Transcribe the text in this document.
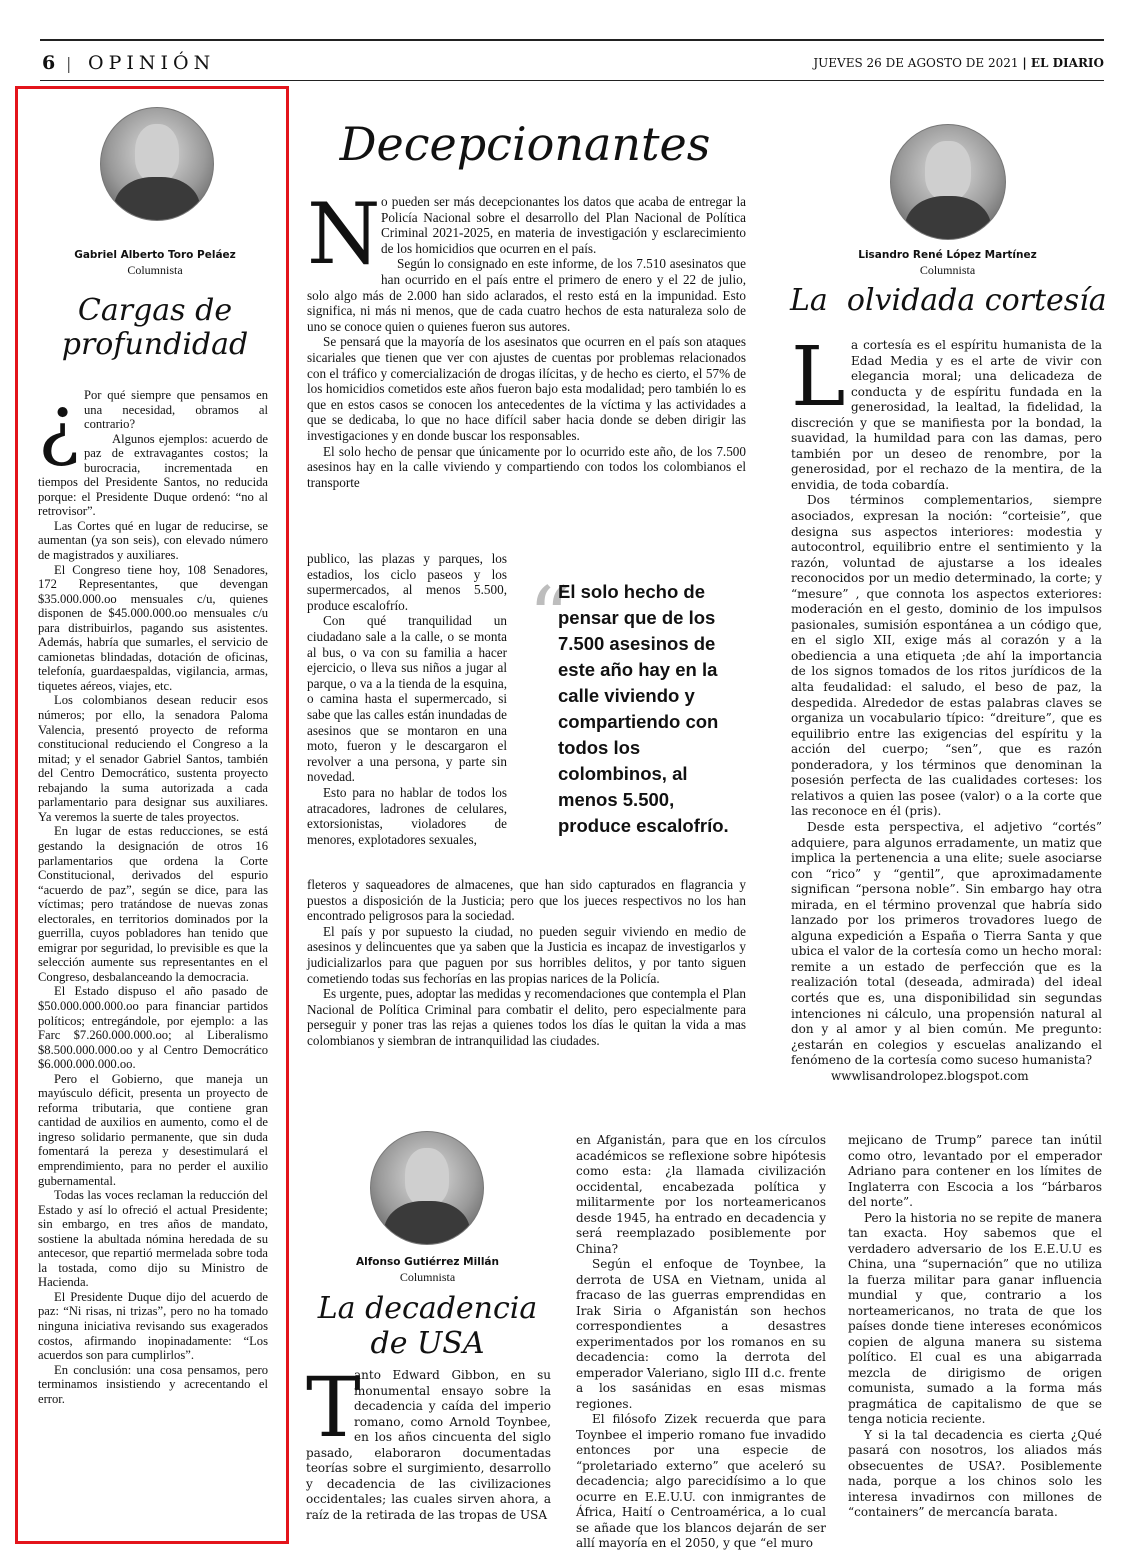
6 | OPINIÓN	JUEVES 26 DE AGOSTO DE 2021 | EL DIARIO
Gabriel Alberto Toro Peláez
Columnista
Cargas de
profundidad
¿ Por qué siempre que pensamos en una necesidad, obramos al contrario?

Algunos ejemplos: acuerdo de paz de extravagantes costos; la burocracia, incrementada en tiempos del Presidente Santos, no reducida porque: el Presidente Duque ordenó: “no al retrovisor”.

Las Cortes qué en lugar de reducirse, se aumentan (ya son seis), con elevado número de magistrados y auxiliares.

El Congreso tiene hoy, 108 Senadores, 172 Representantes, que devengan $35.000.000.oo mensuales c/u, quienes disponen de $45.000.000.oo mensuales c/u para distribuirlos, pagando sus asistentes. Además, habría que sumarles, el servicio de camionetas blindadas, dotación de oficinas, telefonía, guardaespaldas, vigilancia, armas, tiquetes aéreos, viajes, etc.

Los colombianos desean reducir esos números; por ello, la senadora Paloma Valencia, presentó proyecto de reforma constitucional reduciendo el Congreso a la mitad; y el senador Gabriel Santos, también del Centro Democrático, sustenta proyecto rebajando la suma autorizada a cada parlamentario para designar sus auxiliares. Ya veremos la suerte de tales proyectos.

En lugar de estas reducciones, se está gestando la designación de otros 16 parlamentarios que ordena la Corte Constitucional, derivados del espurio “acuerdo de paz”, según se dice, para las víctimas; pero tratándose de nuevas zonas electorales, en territorios dominados por la guerrilla, cuyos pobladores han tenido que emigrar por seguridad, lo previsible es que la selección aumente sus representantes en el Congreso, desbalanceando la democracia.

El Estado dispuso el año pasado de $50.000.000.000.oo para financiar partidos políticos; entregándole, por ejemplo: a las Farc $7.260.000.000.oo; al Liberalismo $8.500.000.000.oo y al Centro Democrático $6.000.000.000.oo.

Pero el Gobierno, que maneja un mayúsculo déficit, presenta un proyecto de reforma tributaria, que contiene gran cantidad de auxilios en aumento, como el de ingreso solidario permanente, que sin duda fomentará la pereza y desestimulará el emprendimiento, para no perder el auxilio gubernamental.

Todas las voces reclaman la reducción del Estado y así lo ofreció el actual Presidente; sin embargo, en tres años de mandato, sostiene la abultada nómina heredada de su antecesor, que repartió mermelada sobre toda la tostada, como dijo su Ministro de Hacienda.

El Presidente Duque dijo del acuerdo de paz: “Ni risas, ni trizas”, pero no ha tomado ninguna iniciativa revisando sus exagerados costos, afirmando inopinadamente: “Los acuerdos son para cumplirlos”.

En conclusión: una cosa pensamos, pero terminamos insistiendo y acrecentando el error.

Decepcionantes
N o pueden ser más decepcionantes los datos que acaba de entregar la Policía Nacional sobre el desarrollo del Plan Nacional de Política Criminal 2021-2025, en materia de investigación y esclarecimiento de los homicidios que ocurren en el país.

Según lo consignado en este informe, de los 7.510 asesinatos que han ocurrido en el país entre el primero de enero y el 22 de julio, solo algo más de 2.000 han sido aclarados, el resto está en la impunidad. Esto significa, ni más ni menos, que de cada cuatro hechos de esta naturaleza solo de uno se conoce quien o quienes fueron sus autores.

Se pensará que la mayoría de los asesinatos que ocurren en el país son ataques sicariales que tienen que ver con ajustes de cuentas por problemas relacionados con el tráfico y comercialización de drogas ilícitas, y de hecho es cierto, el 57% de los homicidios cometidos este años fueron bajo esta modalidad; pero también lo es que en estos casos se conocen los antecedentes de la víctima y las actividades a que se dedicaba, lo que no hace difícil saber hacia donde se deben dirigir las investigaciones y en donde buscar los responsables.

El solo hecho de pensar que únicamente por lo ocurrido este año, de los 7.500 asesinos hay en la calle viviendo y compartiendo con todos los colombianos el transporte

publico, las plazas y parques, los estadios, los ciclo paseos y los supermercados, al menos 5.500, produce escalofrío.

Con qué tranquilidad un ciudadano sale a la calle, o se monta al bus, o va con su familia a hacer ejercicio, o lleva sus niños a jugar al parque, o va a la tienda de la esquina, o camina hasta el supermercado, si sabe que las calles están inundadas de asesinos que se montaron en una moto, fueron y le descargaron el revolver a una persona, y parte sin novedad.

Esto para no hablar de todos los atracadores, ladrones de celulares, extorsionistas, violadores de menores, explotadores sexuales,

“
El solo hecho de pensar que de los 7.500 asesinos de este año hay en la calle viviendo y compartiendo con todos los colombinos, al menos 5.500, produce escalofrío.

fleteros y saqueadores de almacenes, que han sido capturados en flagrancia y puestos a disposición de la Justicia; pero que los jueces respectivos no los han encontrado peligrosos para la sociedad.

El país y por supuesto la ciudad, no pueden seguir viviendo en medio de asesinos y delincuentes que ya saben que la Justicia es incapaz de investigarlos y judicializarlos para que paguen por sus horribles delitos, y por tanto siguen cometiendo todas sus fechorías en las propias narices de la Policía.

Es urgente, pues, adoptar las medidas y recomendaciones que contempla el Plan Nacional de Política Criminal para combatir el delito, pero especialmente para perseguir y poner tras las rejas a quienes todos los días le quitan la vida a mas colombianos y siembran de intranquilidad las ciudades.

Lisandro René López Martínez
Columnista
La  olvidada cortesía
L a cortesía es el espíritu humanista de la Edad Media y es el arte de vivir con elegancia moral; una delicadeza de conducta y de espíritu fundada en la generosidad, la lealtad, la fidelidad, la discreción y que se manifiesta por la bondad, la suavidad, la humildad para con las damas, pero también por un deseo de renombre, por la generosidad, por el rechazo de la mentira, de la envidia, de toda cobardía.

Dos términos complementarios, siempre asociados, expresan la noción: “corteisie”, que designa sus aspectos interiores: modestia y autocontrol, equilibrio entre el sentimiento y la razón, voluntad de ajustarse a los ideales reconocidos por un medio determinado, la corte; y “mesure” , que connota los aspectos exteriores: moderación en el gesto, dominio de los impulsos pasionales, sumisión espontánea a un código que, en el siglo XII, exige más al corazón y a la obediencia a una etiqueta ;de ahí la importancia de los signos tomados de los ritos jurídicos de la alta feudalidad: el saludo, el beso de paz, la despedida. Alrededor de estas palabras claves se organiza un vocabulario típico: “dreiture”, que es equilibrio entre las exigencias del espíritu y la acción del cuerpo; “sen”, que es razón ponderadora, y los términos que denominan la posesión perfecta de las cualidades corteses: los relativos a quien las posee (valor) o a la corte que las reconoce en él (pris).

Desde esta perspectiva, el adjetivo “cortés” adquiere, para algunos erradamente, un matiz que implica la pertenencia a una elite; suele asociarse con “rico” y “gentil”, que aproximadamente significan “persona noble”. Sin embargo hay otra mirada, en el término provenzal que habría sido lanzado por los primeros trovadores luego de alguna expedición a España o Tierra Santa y que ubica el valor de la cortesía como un hecho moral: remite a un estado de perfección que es la realización total (deseada, admirada) del ideal cortés que es, una disponibilidad sin segundas intenciones ni cálculo, una propensión natural al don y al amor y al bien común. Me pregunto: ¿estarán en colegios y escuelas analizando el fenómeno de la cortesía como suceso humanista?

wwwlisandrolopez.blogspot.com

Alfonso Gutiérrez Millán
Columnista
La decadencia
de USA
T

anto Edward Gibbon, en su monumental ensayo sobre la decadencia y caída del imperio romano, como Arnold Toynbee, en los años cincuenta del siglo pasado, elaboraron documentadas teorías sobre el surgimiento, desarrollo y decadencia de las civilizaciones occidentales; las cuales sirven ahora, a raíz de la retirada de las tropas de USA

en Afganistán, para que en los círculos académicos se reflexione sobre hipótesis como esta: ¿la llamada civilización occidental, encabezada política y militarmente por los norteamericanos desde 1945, ha entrado en decadencia y será reemplazado posiblemente por China?

Según el enfoque de Toynbee, la derrota de USA en Vietnam, unida al fracaso de las guerras emprendidas en Irak Siria o Afganistán son hechos correspondientes a desastres experimentados por los romanos en su decadencia: como la derrota del emperador Valeriano, siglo III d.c. frente a los sasánidas en esas mismas regiones.

El filósofo Zizek recuerda que para Toynbee el imperio romano fue invadido entonces por una especie de “proletariado externo” que aceleró su decadencia; algo parecidísimo a lo que ocurre en E.E.U.U. con inmigrantes de África, Haití o Centroamérica, a lo cual se añade que los blancos dejarán de ser allí mayoría en el 2050, y que “el muro

mejicano de Trump” parece tan inútil como otro, levantado por el emperador Adriano para contener en los límites de Inglaterra con Escocia a los “bárbaros del norte”.

Pero la historia no se repite de manera tan exacta. Hoy sabemos que el verdadero adversario de los E.E.U.U es China, una “supernación” que no utiliza la fuerza militar para ganar influencia mundial y que, contrario a los norteamericanos, no trata de que los países donde tiene intereses económicos copien de alguna manera su sistema político. El cual es una abigarrada mezcla de dirigismo de origen comunista, sumado a la forma más pragmática de capitalismo de que se tenga noticia reciente.

Y si la tal decadencia es cierta ¿Qué pasará con nosotros, los aliados más obsecuentes de USA?. Posiblemente nada, porque a los chinos solo les interesa invadirnos con millones de “containers” de mercancía barata.
